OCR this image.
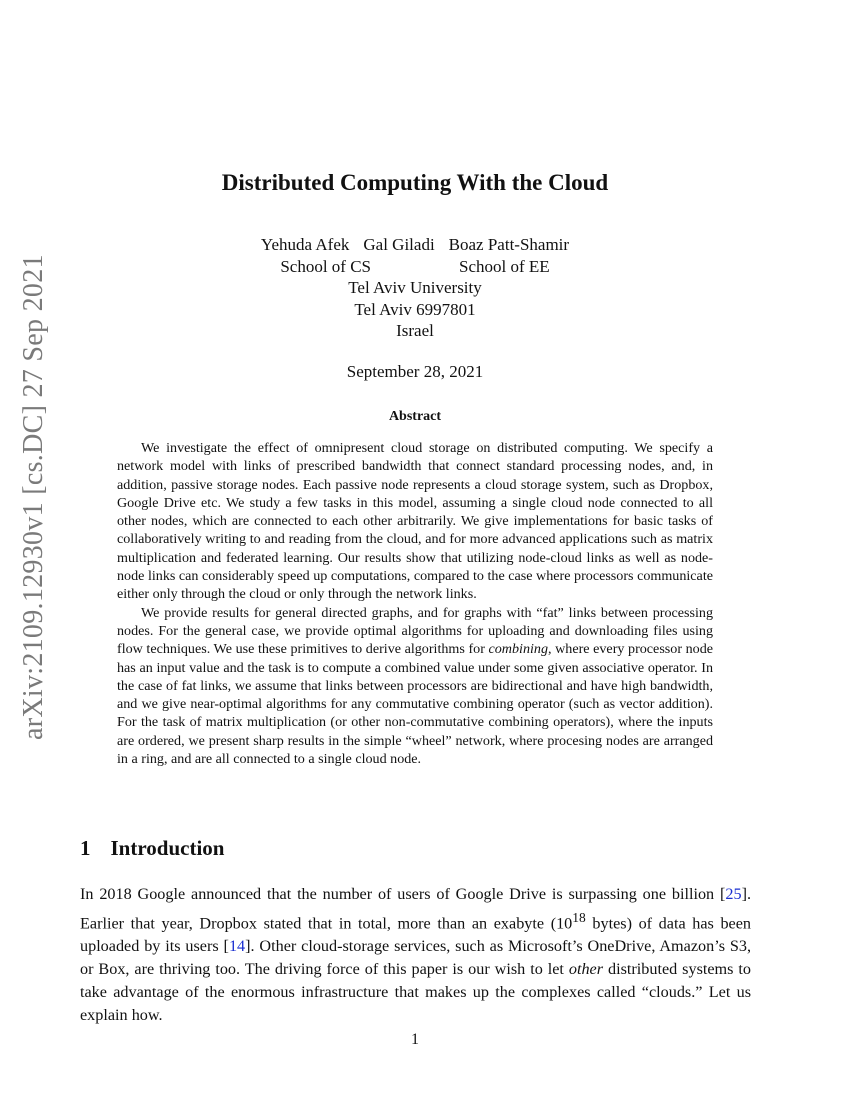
arXiv:2109.12930v1 [cs.DC] 27 Sep 2021
Distributed Computing With the Cloud
Yehuda Afek Gal Giladi Boaz Patt-Shamir
School of CS	School of EE
Tel Aviv University
Tel Aviv 6997801
Israel
September 28, 2021
Abstract

We investigate the effect of omnipresent cloud storage on distributed computing. We specify a network model with links of prescribed bandwidth that connect standard processing nodes, and, in addition, passive storage nodes. Each passive node represents a cloud storage system, such as Dropbox, Google Drive etc. We study a few tasks in this model, assuming a single cloud node connected to all other nodes, which are connected to each other arbitrarily. We give implementations for basic tasks of collaboratively writing to and reading from the cloud, and for more advanced applications such as matrix multiplication and federated learning. Our results show that utilizing node-cloud links as well as node-node links can considerably speed up computations, compared to the case where processors communicate either only through the cloud or only through the network links.

We provide results for general directed graphs, and for graphs with “fat” links between processing nodes. For the general case, we provide optimal algorithms for uploading and downloading files using flow techniques. We use these primitives to derive algorithms for combining, where every processor node has an input value and the task is to compute a combined value under some given associative operator. In the case of fat links, we assume that links between processors are bidirectional and have high bandwidth, and we give near-optimal algorithms for any commutative combining operator (such as vector addition). For the task of matrix multiplication (or other non-commutative combining operators), where the inputs are ordered, we present sharp results in the simple “wheel” network, where procesing nodes are arranged in a ring, and are all connected to a single cloud node.

1 Introduction

In 2018 Google announced that the number of users of Google Drive is surpassing one billion [25]. Earlier that year, Dropbox stated that in total, more than an exabyte ($10^{18}$ bytes) of data has been uploaded by its users [14]. Other cloud-storage services, such as Microsoft’s OneDrive, Amazon’s S3, or Box, are thriving too. The driving force of this paper is our wish to let other distributed systems to take advantage of the enormous infrastructure that makes up the complexes called “clouds.” Let us explain how.

1
